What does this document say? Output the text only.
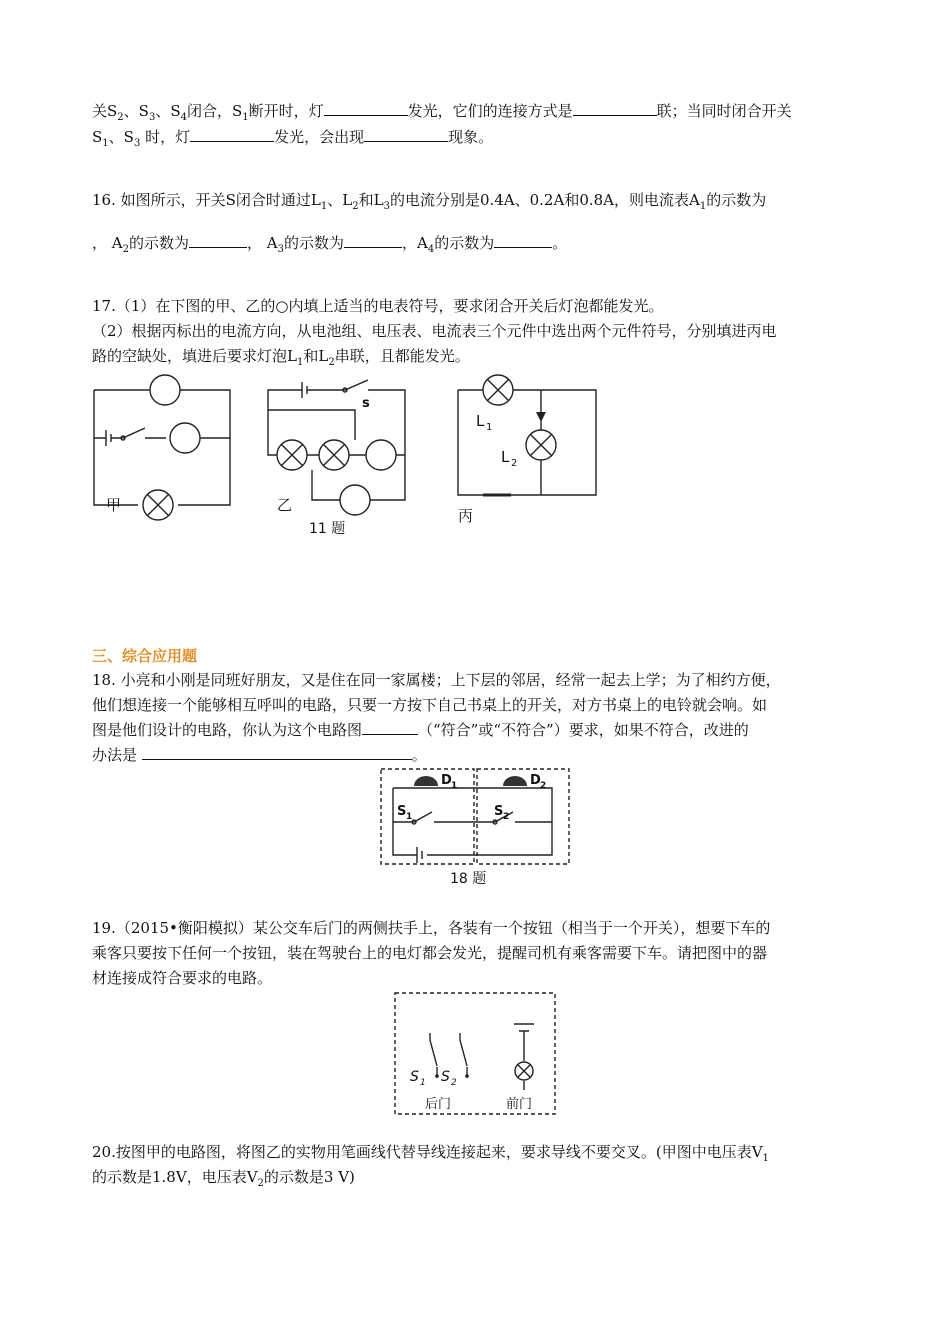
关$S_2$、$S_3$、$S_4$闭合，$S_1$断开时，灯	发光，它们的连接方式是	联；当同时闭合开关
$S_1$、$S_3$ 时，灯	发光，会出现	现象。
16. 如图所示，开关S闭合时通过$L_1$、$L_2$和$L_3$的电流分别是0.4A、0.2A和0.8A，则电流表$A_1$的示数为
， $A_2$的示数为	， $A_3$的示数为	，$A_4$的示数为	。
17.（1）在下图的甲、乙的○内填上适当的电表符号，要求闭合开关后灯泡都能发光。
（2）根据丙标出的电流方向，从电池组、电压表、电流表三个元件中选出两个元件符号，分别填进丙电
路的空缺处，填进后要求灯泡$L_1$和$L_2$串联，且都能发光。
甲	乙
s
11 题
丙
L 1
L 2
三、综合应用题
18. 小亮和小刚是同班好朋友，又是住在同一家属楼；上下层的邻居，经常一起去上学；为了相约方便，
他们想连接一个能够相互呼叫的电路，只要一方按下自己书桌上的开关，对方书桌上的电铃就会响。如
图是他们设计的电路，你认为这个电路图	（“符合”或“不符合”）要求，如果不符合，改进的
办法是	。
D 1	D 2
S 1	S 2
18 题
19.（2015•衡阳模拟）某公交车后门的两侧扶手上，各装有一个按钮（相当于一个开关），想要下车的
乘客只要按下任何一个按钮，装在驾驶台上的电灯都会发光，提醒司机有乘客需要下车。请把图中的器
材连接成符合要求的电路。
S 1 S 2
后门	前门
20.按图甲的电路图，将图乙的实物用笔画线代替导线连接起来，要求导线不要交叉。(甲图中电压表$V_1$
的示数是1.8V，电压表$V_2$的示数是3 V)
